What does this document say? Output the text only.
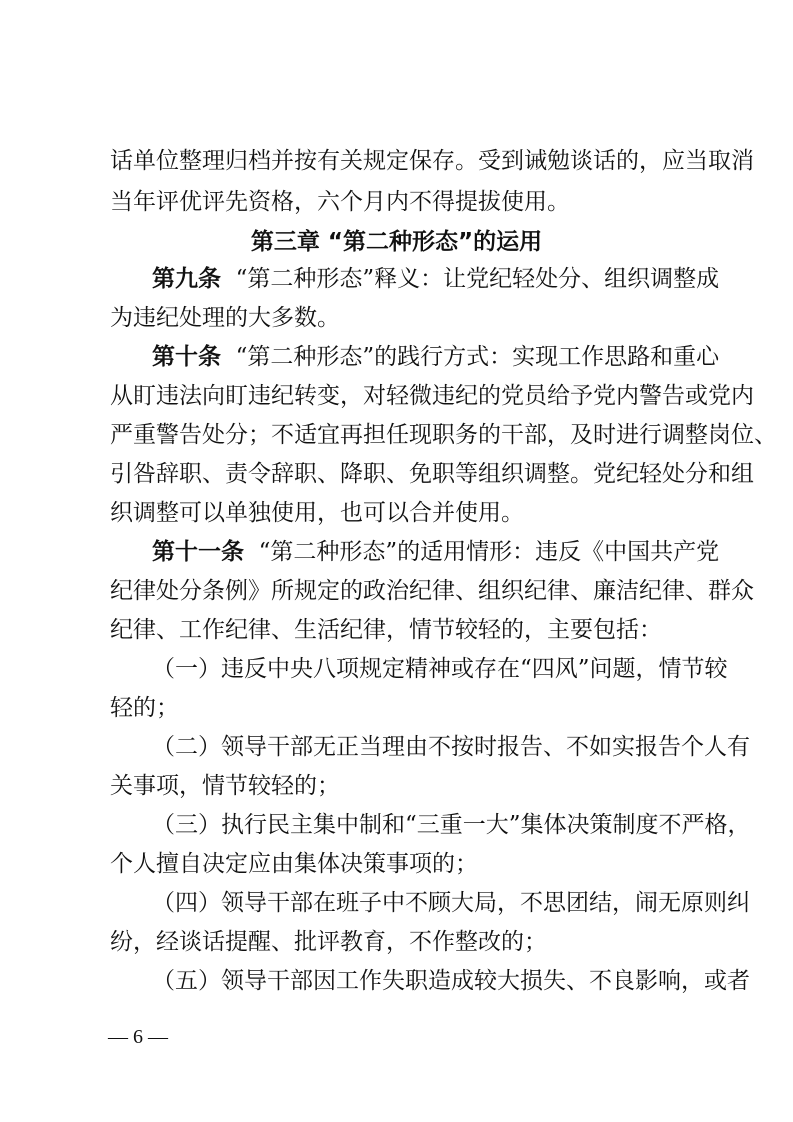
话单位整理归档并按有关规定保存。受到诫勉谈话的，应当取消
当年评优评先资格，六个月内不得提拔使用。
第三章 “第二种形态”的运用
第九条 “第二种形态”释义：让党纪轻处分、组织调整成
为违纪处理的大多数。
第十条 “第二种形态”的践行方式：实现工作思路和重心
从盯违法向盯违纪转变，对轻微违纪的党员给予党内警告或党内
严重警告处分；不适宜再担任现职务的干部，及时进行调整岗位、
引咎辞职、责令辞职、降职、免职等组织调整。党纪轻处分和组
织调整可以单独使用，也可以合并使用。
第十一条 “第二种形态”的适用情形：违反《中国共产党
纪律处分条例》所规定的政治纪律、组织纪律、廉洁纪律、群众
纪律、工作纪律、生活纪律，情节较轻的，主要包括：
（一）违反中央八项规定精神或存在“四风”问题，情节较
轻的；
（二）领导干部无正当理由不按时报告、不如实报告个人有
关事项，情节较轻的；
（三）执行民主集中制和“三重一大”集体决策制度不严格，
个人擅自决定应由集体决策事项的；
（四）领导干部在班子中不顾大局，不思团结，闹无原则纠
纷，经谈话提醒、批评教育，不作整改的；
（五）领导干部因工作失职造成较大损失、不良影响，或者
— 6 —
